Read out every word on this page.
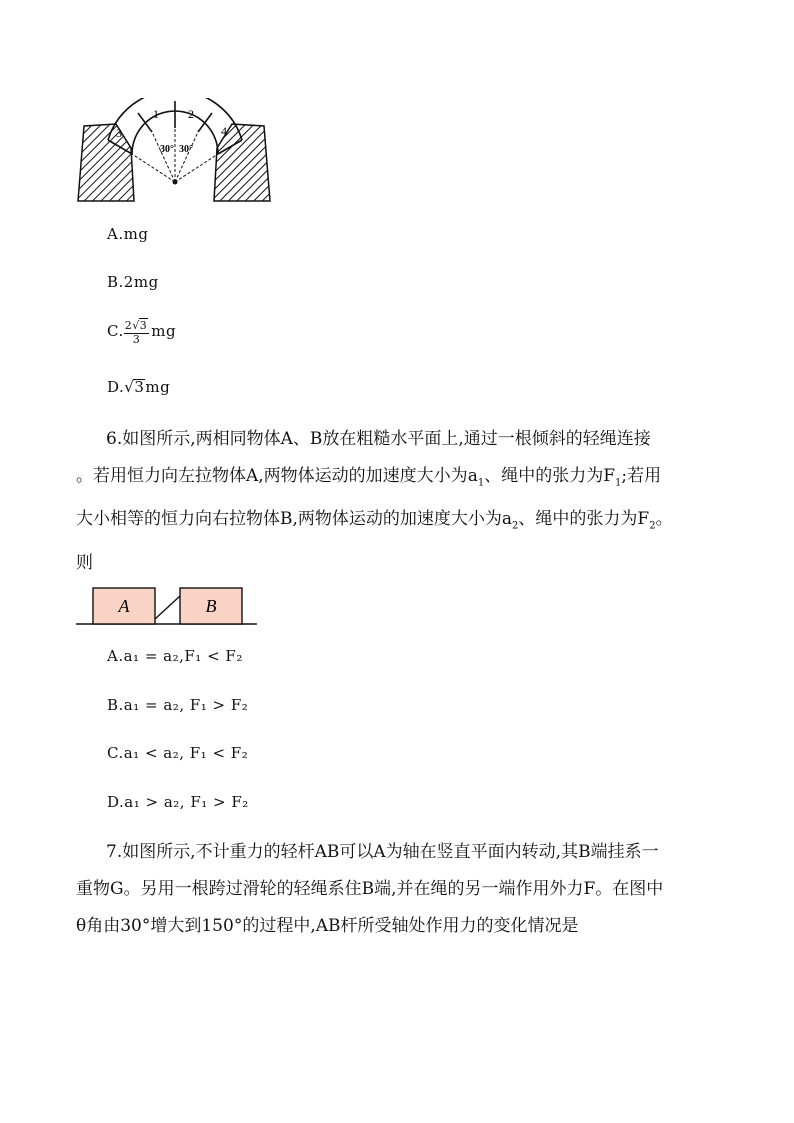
3
1 2
4
30° 30°
A.mg
B.2mg
C. $\frac{2√3}{3}$ mg
D.√3mg
6.如图所示,两相同物体A、B放在粗糙水平面上,通过一根倾斜的轻绳连接
。若用恒力向左拉物体A,两物体运动的加速度大小为$a_1$、绳中的张力为$F_1$;若用
大小相等的恒力向右拉物体B,两物体运动的加速度大小为$a_2$、绳中的张力为$F_2$。
则
A	B
A.a₁ = a₂,F₁ < F₂
B.a₁ = a₂, F₁ > F₂
C.a₁ < a₂, F₁ < F₂
D.a₁ > a₂, F₁ > F₂
7.如图所示,不计重力的轻杆AB可以A为轴在竖直平面内转动,其B端挂系一
重物G。另用一根跨过滑轮的轻绳系住B端,并在绳的另一端作用外力F。在图中
θ角由30°增大到150°的过程中,AB杆所受轴处作用力的变化情况是
